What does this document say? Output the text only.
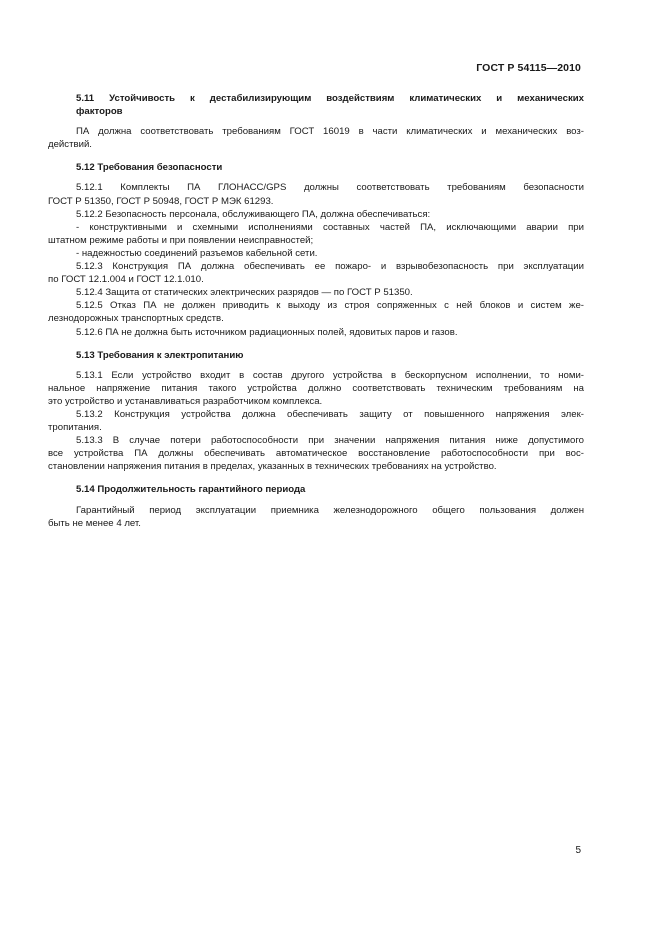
ГОСТ Р 54115—2010
5.11 Устойчивость к дестабилизирующим воздействиям климатических и механических
факторов
ПА должна соответствовать требованиям ГОСТ 16019 в части климатических и механических воз-
действий.
5.12 Требования безопасности
5.12.1 Комплекты ПА ГЛОНАСС/GPS должны соответствовать требованиям безопасности
ГОСТ Р 51350, ГОСТ Р 50948, ГОСТ Р МЭК 61293.
5.12.2 Безопасность персонала, обслуживающего ПА, должна обеспечиваться:
- конструктивными и схемными исполнениями составных частей ПА, исключающими аварии при
штатном режиме работы и при появлении неисправностей;
- надежностью соединений разъемов кабельной сети.
5.12.3 Конструкция ПА должна обеспечивать ее пожаро- и взрывобезопасность при эксплуатации
по ГОСТ 12.1.004 и ГОСТ 12.1.010.
5.12.4 Защита от статических электрических разрядов — по ГОСТ Р 51350.
5.12.5 Отказ ПА не должен приводить к выходу из строя сопряженных с ней блоков и систем же-
лезнодорожных транспортных средств.
5.12.6 ПА не должна быть источником радиационных полей, ядовитых паров и газов.
5.13 Требования к электропитанию
5.13.1 Если устройство входит в состав другого устройства в бескорпусном исполнении, то номи-
нальное напряжение питания такого устройства должно соответствовать техническим требованиям на
это устройство и устанавливаться разработчиком комплекса.
5.13.2 Конструкция устройства должна обеспечивать защиту от повышенного напряжения элек-
тропитания.
5.13.3 В случае потери работоспособности при значении напряжения питания ниже допустимого
все устройства ПА должны обеспечивать автоматическое восстановление работоспособности при вос-
становлении напряжения питания в пределах, указанных в технических требованиях на устройство.
5.14 Продолжительность гарантийного периода
Гарантийный период эксплуатации приемника железнодорожного общего пользования должен
быть не менее 4 лет.
5
